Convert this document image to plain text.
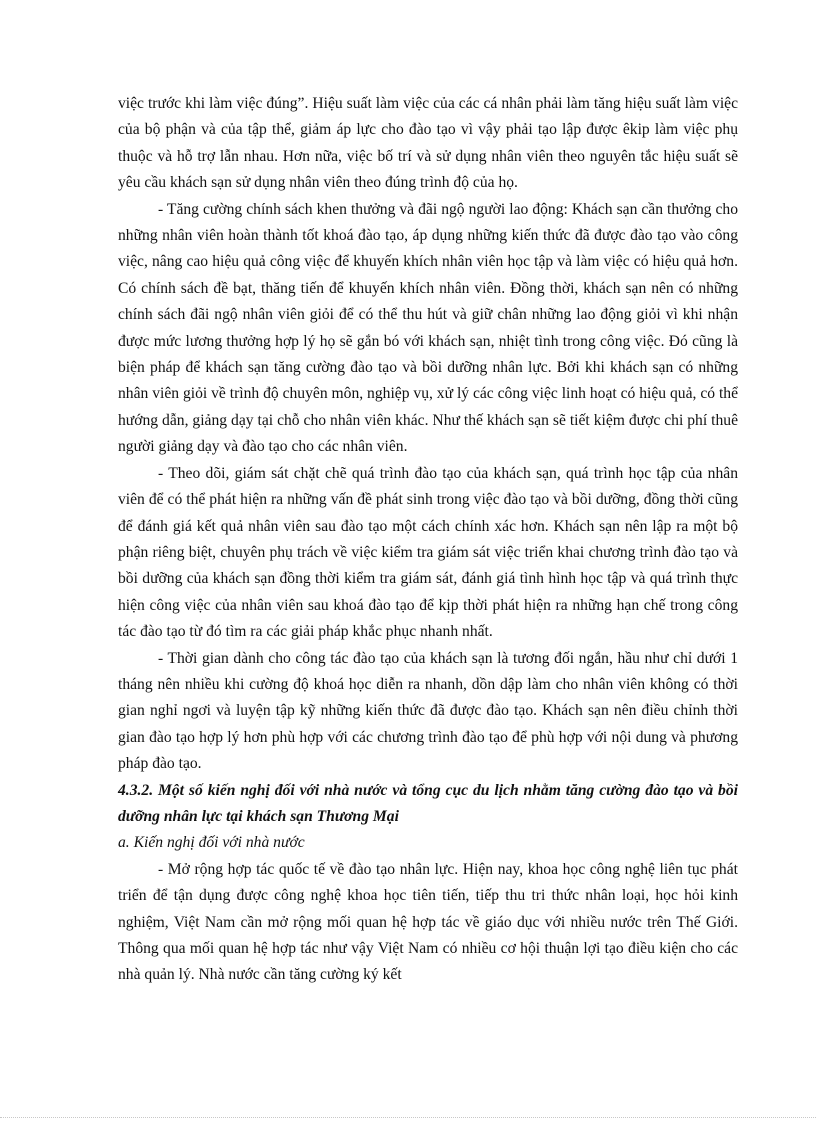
việc trước khi làm việc đúng”. Hiệu suất làm việc của các cá nhân phải làm tăng hiệu suất làm việc của bộ phận và của tập thể, giảm áp lực cho đào tạo vì vậy phải tạo lập được êkip làm việc phụ thuộc và hỗ trợ lẫn nhau. Hơn nữa, việc bố trí và sử dụng nhân viên theo nguyên tắc hiệu suất sẽ yêu cầu khách sạn sử dụng nhân viên theo đúng trình độ của họ.

- Tăng cường chính sách khen thưởng và đãi ngộ người lao động: Khách sạn cần thưởng cho những nhân viên hoàn thành tốt khoá đào tạo, áp dụng những kiến thức đã được đào tạo vào công việc, nâng cao hiệu quả công việc để khuyến khích nhân viên học tập và làm việc có hiệu quả hơn. Có chính sách đề bạt, thăng tiến để khuyến khích nhân viên. Đồng thời, khách sạn nên có những chính sách đãi ngộ nhân viên giỏi để có thể thu hút và giữ chân những lao động giỏi vì khi nhận được mức lương thưởng hợp lý họ sẽ gắn bó với khách sạn, nhiệt tình trong công việc. Đó cũng là biện pháp để khách sạn tăng cường đào tạo và bồi dưỡng nhân lực. Bởi khi khách sạn có những nhân viên giỏi về trình độ chuyên môn, nghiệp vụ, xử lý các công việc linh hoạt có hiệu quả, có thể hướng dẫn, giảng dạy tại chỗ cho nhân viên khác. Như thế khách sạn sẽ tiết kiệm được chi phí thuê người giảng dạy và đào tạo cho các nhân viên.

- Theo dõi, giám sát chặt chẽ quá trình đào tạo của khách sạn, quá trình học tập của nhân viên để có thể phát hiện ra những vấn đề phát sinh trong việc đào tạo và bồi dưỡng, đồng thời cũng để đánh giá kết quả nhân viên sau đào tạo một cách chính xác hơn. Khách sạn nên lập ra một bộ phận riêng biệt, chuyên phụ trách về việc kiểm tra giám sát việc triển khai chương trình đào tạo và bồi dưỡng của khách sạn đồng thời kiểm tra giám sát, đánh giá tình hình học tập và quá trình thực hiện công việc của nhân viên sau khoá đào tạo để kịp thời phát hiện ra những hạn chế trong công tác đào tạo từ đó tìm ra các giải pháp khắc phục nhanh nhất.

- Thời gian dành cho công tác đào tạo của khách sạn là tương đối ngắn, hầu như chỉ dưới 1 tháng nên nhiều khi cường độ khoá học diễn ra nhanh, dồn dập làm cho nhân viên không có thời gian nghỉ ngơi và luyện tập kỹ những kiến thức đã được đào tạo. Khách sạn nên điều chỉnh thời gian đào tạo hợp lý hơn phù hợp với các chương trình đào tạo để phù hợp với nội dung và phương pháp đào tạo.

4.3.2. Một số kiến nghị đối với nhà nước và tổng cục du lịch nhằm tăng cường đào tạo và bồi dưỡng nhân lực tại khách sạn Thương Mại

a. Kiến nghị đối với nhà nước

- Mở rộng hợp tác quốc tế về đào tạo nhân lực. Hiện nay, khoa học công nghệ liên tục phát triển để tận dụng được công nghệ khoa học tiên tiến, tiếp thu tri thức nhân loại, học hỏi kinh nghiệm, Việt Nam cần mở rộng mối quan hệ hợp tác về giáo dục với nhiều nước trên Thế Giới. Thông qua mối quan hệ hợp tác như vậy Việt Nam có nhiều cơ hội thuận lợi tạo điều kiện cho các nhà quản lý. Nhà nước cần tăng cường ký kết
